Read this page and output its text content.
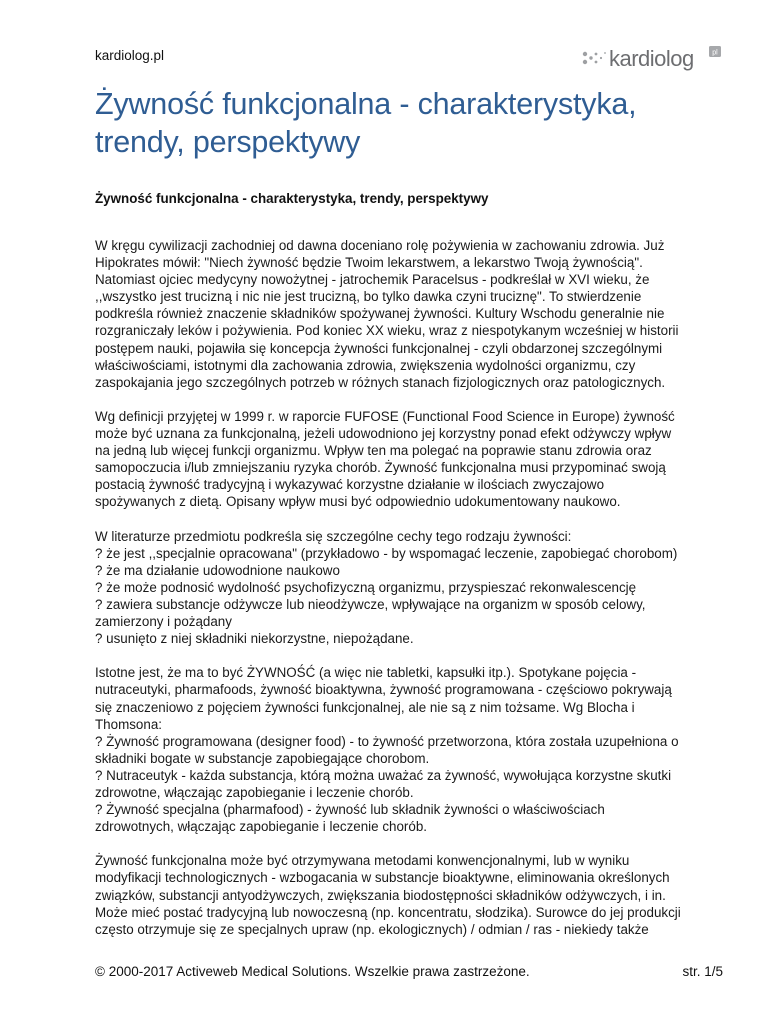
kardiolog.pl	kardiolog	pl
Żywność funkcjonalna - charakterystyka,
trendy, perspektywy
Żywność funkcjonalna - charakterystyka, trendy, perspektywy

W kręgu cywilizacji zachodniej od dawna doceniano rolę pożywienia w zachowaniu zdrowia. Już
Hipokrates mówił: "Niech żywność będzie Twoim lekarstwem, a lekarstwo Twoją żywnością".
Natomiast ojciec medycyny nowożytnej - jatrochemik Paracelsus - podkreślał w XVI wieku, że
,,wszystko jest trucizną i nic nie jest trucizną, bo tylko dawka czyni truciznę". To stwierdzenie
podkreśla również znaczenie składników spożywanej żywności. Kultury Wschodu generalnie nie
rozgraniczały leków i pożywienia. Pod koniec XX wieku, wraz z niespotykanym wcześniej w historii
postępem nauki, pojawiła się koncepcja żywności funkcjonalnej - czyli obdarzonej szczególnymi
właściwościami, istotnymi dla zachowania zdrowia, zwiększenia wydolności organizmu, czy
zaspokajania jego szczególnych potrzeb w różnych stanach fizjologicznych oraz patologicznych.

Wg definicji przyjętej w 1999 r. w raporcie FUFOSE (Functional Food Science in Europe) żywność
może być uznana za funkcjonalną, jeżeli udowodniono jej korzystny ponad efekt odżywczy wpływ
na jedną lub więcej funkcji organizmu. Wpływ ten ma polegać na poprawie stanu zdrowia oraz
samopoczucia i/lub zmniejszaniu ryzyka chorób. Żywność funkcjonalna musi przypominać swoją
postacią żywność tradycyjną i wykazywać korzystne działanie w ilościach zwyczajowo
spożywanych z dietą. Opisany wpływ musi być odpowiednio udokumentowany naukowo.

W literaturze przedmiotu podkreśla się szczególne cechy tego rodzaju żywności:
? że jest ,,specjalnie opracowana" (przykładowo - by wspomagać leczenie, zapobiegać chorobom)
? że ma działanie udowodnione naukowo
? że może podnosić wydolność psychofizyczną organizmu, przyspieszać rekonwalescencję
? zawiera substancje odżywcze lub nieodżywcze, wpływające na organizm w sposób celowy,
zamierzony i pożądany
? usunięto z niej składniki niekorzystne, niepożądane.

Istotne jest, że ma to być ŻYWNOŚĆ (a więc nie tabletki, kapsułki itp.). Spotykane pojęcia -
nutraceutyki, pharmafoods, żywność bioaktywna, żywność programowana - częściowo pokrywają
się znaczeniowo z pojęciem żywności funkcjonalnej, ale nie są z nim tożsame. Wg Blocha i
Thomsona:
? Żywność programowana (designer food) - to żywność przetworzona, która została uzupełniona o
składniki bogate w substancje zapobiegające chorobom.
? Nutraceutyk - każda substancja, którą można uważać za żywność, wywołująca korzystne skutki
zdrowotne, włączając zapobieganie i leczenie chorób.
? Żywność specjalna (pharmafood) - żywność lub składnik żywności o właściwościach
zdrowotnych, włączając zapobieganie i leczenie chorób.

Żywność funkcjonalna może być otrzymywana metodami konwencjonalnymi, lub w wyniku
modyfikacji technologicznych - wzbogacania w substancje bioaktywne, eliminowania określonych
związków, substancji antyodżywczych, zwiększania biodostępności składników odżywczych, i in.
Może mieć postać tradycyjną lub nowoczesną (np. koncentratu, słodzika). Surowce do jej produkcji
często otrzymuje się ze specjalnych upraw (np. ekologicznych) / odmian / ras - niekiedy także

© 2000-2017 Activeweb Medical Solutions. Wszelkie prawa zastrzeżone.	str. 1/5
